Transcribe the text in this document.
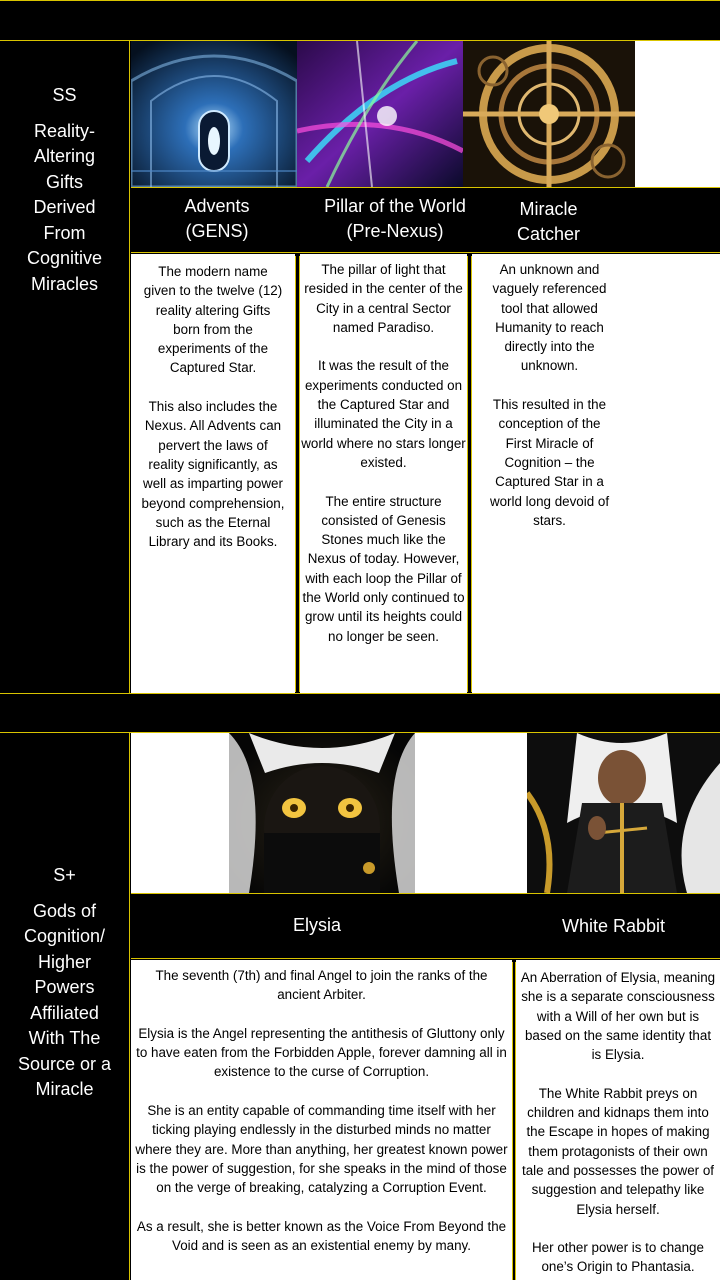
SS
Reality-
Altering
Gifts
Derived
From
Cognitive
Miracles
Advents
(GENS)
Pillar of the World
(Pre-Nexus)
Miracle
Catcher

The modern name given to the twelve (12) reality altering Gifts born from the experiments of the Captured Star.

This also includes the Nexus. All Advents can pervert the laws of reality significantly, as well as imparting power beyond comprehension, such as the Eternal Library and its Books.

The pillar of light that resided in the center of the City in a central Sector named Paradiso.

It was the result of the experiments conducted on the Captured Star and illuminated the City in a world where no stars longer existed.

The entire structure consisted of Genesis Stones much like the Nexus of today. However, with each loop the Pillar of the World only continued to grow until its heights could no longer be seen.

An unknown and vaguely referenced tool that allowed Humanity to reach directly into the unknown.

This resulted in the conception of the First Miracle of Cognition – the Captured Star in a world long devoid of stars.

S+
Gods of
Cognition/
Higher
Powers
Affiliated
With The
Source or a
Miracle
Elysia	White Rabbit

The seventh (7th) and final Angel to join the ranks of the ancient Arbiter.

Elysia is the Angel representing the antithesis of Gluttony only to have eaten from the Forbidden Apple, forever damning all in existence to the curse of Corruption.

She is an entity capable of commanding time itself with her ticking playing endlessly in the disturbed minds no matter where they are. More than anything, her greatest known power is the power of suggestion, for she speaks in the mind of those on the verge of breaking, catalyzing a Corruption Event.

As a result, she is better known as the Voice From Beyond the Void and is seen as an existential enemy by many.

An Aberration of Elysia, meaning she is a separate consciousness with a Will of her own but is based on the same identity that is Elysia.

The White Rabbit preys on children and kidnaps them into the Escape in hopes of making them protagonists of their own tale and possesses the power of suggestion and telepathy like Elysia herself.

Her other power is to change one’s Origin to Phantasia.
